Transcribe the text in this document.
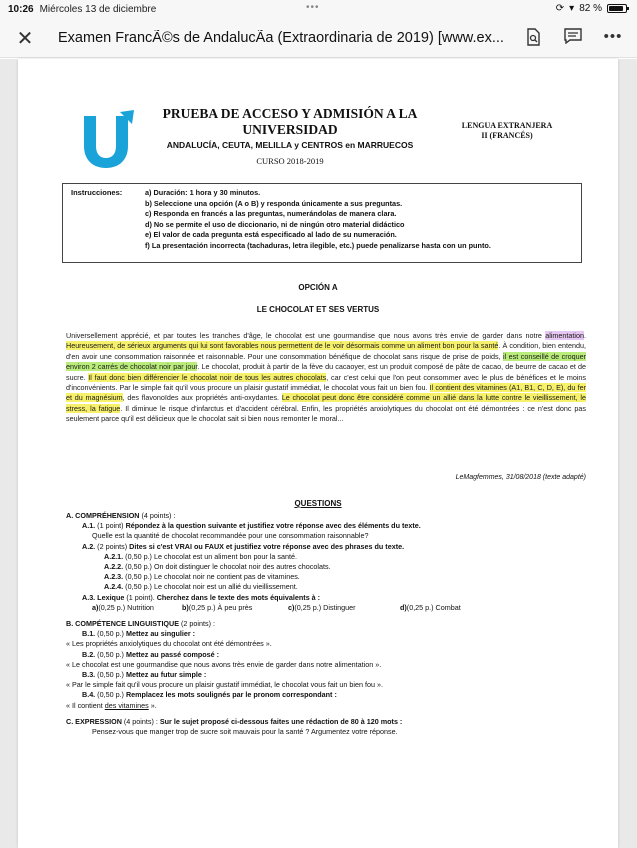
10:26 Miércoles 13 de diciembre	•••	⟳ ▾ 82 %
✕ Examen FrancÃ©s de AndalucÃa (Extraordinaria de 2019) [www.ex...	•••
PRUEBA DE ACCESO Y ADMISIÓN A LA
UNIVERSIDAD
ANDALUCÍA, CEUTA, MELILLA y CENTROS en MARRUECOS
CURSO 2018-2019
LENGUA EXTRANJERA
II (FRANCÉS)
Instrucciones:	a) Duración: 1 hora y 30 minutos.
b) Seleccione una opción (A o B) y responda únicamente a sus preguntas.
c) Responda en francés a las preguntas, numerándolas de manera clara.
d) No se permite el uso de diccionario, ni de ningún otro material didáctico
e) El valor de cada pregunta está especificado al lado de su numeración.
f) La presentación incorrecta (tachaduras, letra ilegible, etc.) puede penalizarse hasta con un punto.
OPCIÓN A
LE CHOCOLAT ET SES VERTUS
Universellement apprécié, et par toutes les tranches d'âge, le chocolat est une gourmandise que nous avons très envie de garder dans notre alimentation. Heureusement, de sérieux arguments qui lui sont favorables nous permettent de le voir désormais comme un aliment bon pour la santé. À condition, bien entendu, d'en avoir une consommation raisonnée et raisonnable. Pour une consommation bénéfique de chocolat sans risque de prise de poids, il est conseillé de croquer environ 2 carrés de chocolat noir par jour. Le chocolat, produit à partir de la fève du cacaoyer, est un produit composé de pâte de cacao, de beurre de cacao et de sucre. Il faut donc bien différencier le chocolat noir de tous les autres chocolats, car c'est celui que l'on peut consommer avec le plus de bénéfices et le moins d'inconvénients. Par le simple fait qu'il vous procure un plaisir gustatif immédiat, le chocolat vous fait un bien fou. Il contient des vitamines (A1, B1, C, D, E), du fer et du magnésium, des flavonoïdes aux propriétés anti-oxydantes. Le chocolat peut donc être considéré comme un allié dans la lutte contre le vieillissement, le stress, la fatigue. Il diminue le risque d'infarctus et d'accident cérébral. Enfin, les propriétés anxiolytiques du chocolat ont été démontrées : ce n'est donc pas seulement parce qu'il est délicieux que le chocolat sait si bien nous remonter le moral...
LeMagfemmes, 31/08/2018 (texte adapté)
QUESTIONS
A. COMPRÉHENSION (4 points) :
A.1. (1 point) Répondez à la question suivante et justifiez votre réponse avec des éléments du texte.
Quelle est la quantité de chocolat recommandée pour une consommation raisonnable?
A.2. (2 points) Dites si c'est VRAI ou FAUX et justifiez votre réponse avec des phrases du texte.
A.2.1. (0,50 p.) Le chocolat est un aliment bon pour la santé.
A.2.2. (0,50 p.) On doit distinguer le chocolat noir des autres chocolats.
A.2.3. (0,50 p.) Le chocolat noir ne contient pas de vitamines.
A.2.4. (0,50 p.) Le chocolat noir est un allié du vieillissement.
A.3. Lexique (1 point). Cherchez dans le texte des mots équivalents à :
a)(0,25 p.) Nutrition	b)(0,25 p.) À peu près	c)(0,25 p.) Distinguer	d)(0,25 p.) Combat
B. COMPÉTENCE LINGUISTIQUE (2 points) :
B.1. (0,50 p.) Mettez au singulier :
« Les propriétés anxiolytiques du chocolat ont été démontrées ».
B.2. (0,50 p.) Mettez au passé composé :
« Le chocolat est une gourmandise que nous avons très envie de garder dans notre alimentation ».
B.3. (0,50 p.) Mettez au futur simple :
« Par le simple fait qu'il vous procure un plaisir gustatif immédiat, le chocolat vous fait un bien fou ».
B.4. (0,50 p.) Remplacez les mots soulignés par le pronom correspondant :
« Il contient des vitamines ».
C. EXPRESSION (4 points) : Sur le sujet proposé ci-dessous faites une rédaction de 80 à 120 mots :
Pensez-vous que manger trop de sucre soit mauvais pour la santé ? Argumentez votre réponse.
